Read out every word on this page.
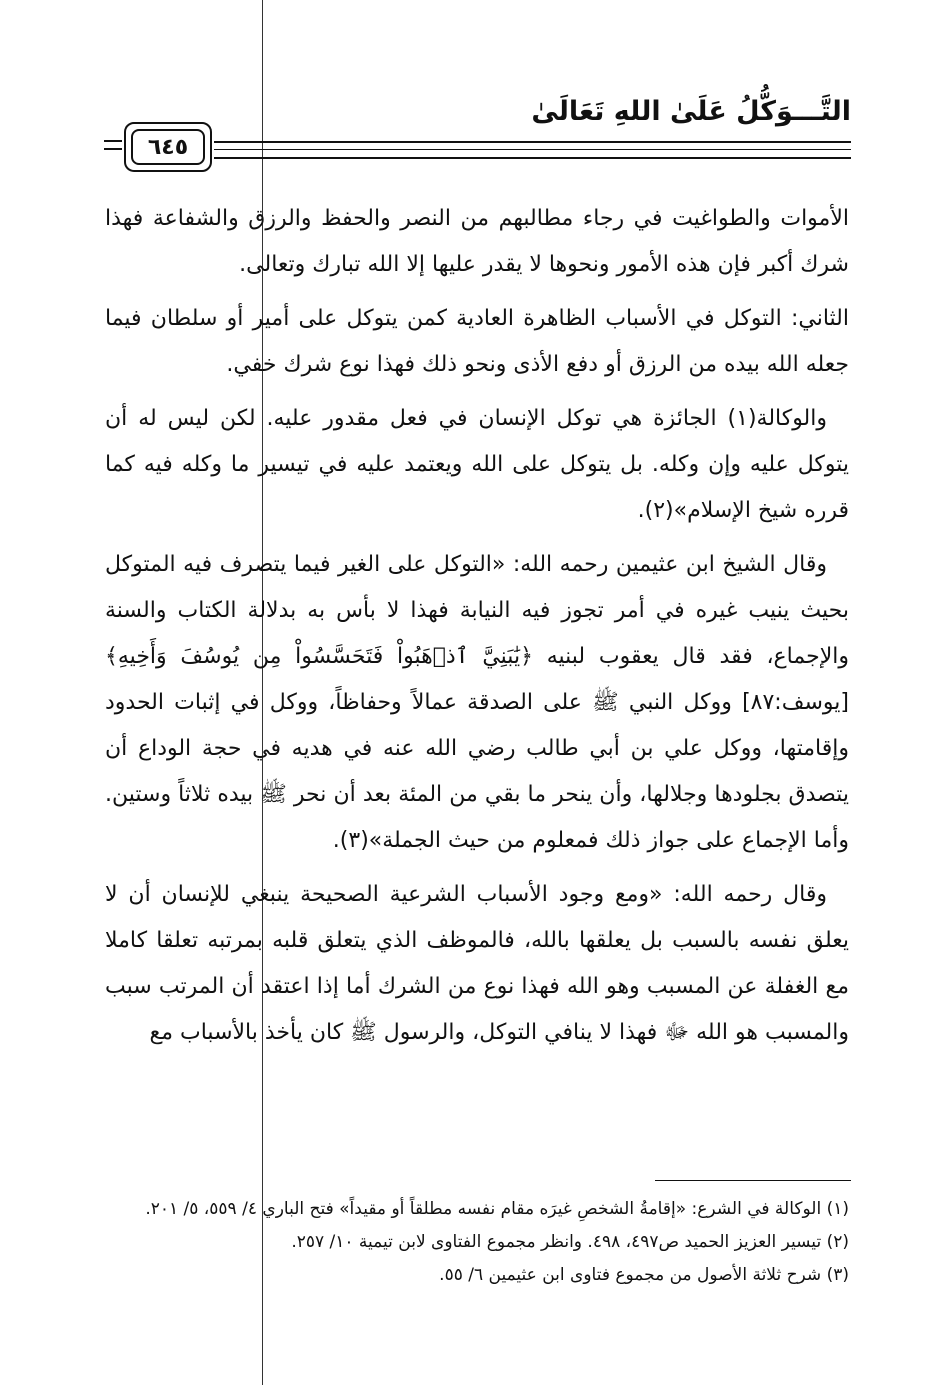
التَّـــوَكُّلُ عَلَىٰ اللهِ تَعَالَىٰ
٦٤٥

الأموات والطواغيت في رجاء مطالبهم من النصر والحفظ والرزق والشفاعة فهذا شرك أكبر فإن هذه الأمور ونحوها لا يقدر عليها إلا الله تبارك وتعالى.

الثاني: التوكل في الأسباب الظاهرة العادية كمن يتوكل على أمير أو سلطان فيما جعله الله بيده من الرزق أو دفع الأذى ونحو ذلك فهذا نوع شرك خفي.

والوكالة(١) الجائزة هي توكل الإنسان في فعل مقدور عليه. لكن ليس له أن يتوكل عليه وإن وكله. بل يتوكل على الله ويعتمد عليه في تيسير ما وكله فيه كما قرره شيخ الإسلام»(٢).

وقال الشيخ ابن عثيمين رحمه الله: «التوكل على الغير فيما يتصرف فيه المتوكل بحيث ينيب غيره في أمر تجوز فيه النيابة فهذا لا بأس به بدلالة الكتاب والسنة والإجماع، فقد قال يعقوب لبنيه ﴿يَٰبَنِيَّ ٱذۡهَبُواْ فَتَحَسَّسُواْ مِن يُوسُفَ وَأَخِيهِ﴾ [يوسف:٨٧] ووكل النبي ﷺ على الصدقة عمالاً وحفاظاً، ووكل في إثبات الحدود وإقامتها، ووكل علي بن أبي طالب رضي الله عنه في هديه في حجة الوداع أن يتصدق بجلودها وجلالها، وأن ينحر ما بقي من المئة بعد أن نحر ﷺ بيده ثلاثاً وستين. وأما الإجماع على جواز ذلك فمعلوم من حيث الجملة»(٣).

وقال رحمه الله: «ومع وجود الأسباب الشرعية الصحيحة ينبغي للإنسان أن لا يعلق نفسه بالسبب بل يعلقها بالله، فالموظف الذي يتعلق قلبه بمرتبه تعلقا كاملا مع الغفلة عن المسبب وهو الله فهذا نوع من الشرك أما إذا اعتقد أن المرتب سبب والمسبب هو الله ﷻ فهذا لا ينافي التوكل، والرسول ﷺ كان يأخذ بالأسباب مع

(١) الوكالة في الشرع: «إقامةُ الشخصِ غيرَه مقام نفسه مطلقاً أو مقيداً» فتح الباري ٤/ ٥٥٩، ٥/ ٢٠١.
(٢) تيسير العزيز الحميد ص٤٩٧، ٤٩٨. وانظر مجموع الفتاوى لابن تيمية ١٠/ ٢٥٧.
(٣) شرح ثلاثة الأصول من مجموع فتاوى ابن عثيمين ٦/ ٥٥.
